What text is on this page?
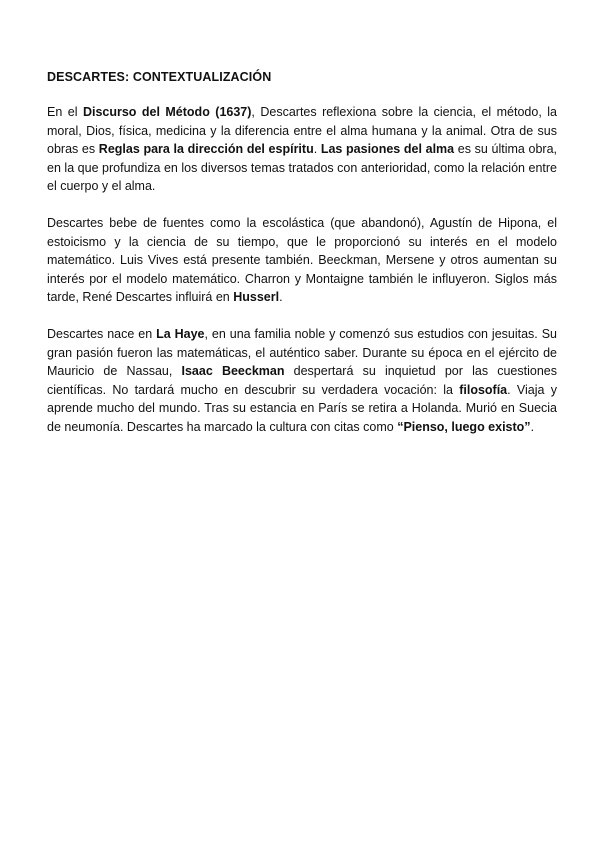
DESCARTES: CONTEXTUALIZACIÓN

En el Discurso del Método (1637), Descartes reflexiona sobre la ciencia, el método, la moral, Dios, física, medicina y la diferencia entre el alma humana y la animal. Otra de sus obras es Reglas para la dirección del espíritu. Las pasiones del alma es su última obra, en la que profundiza en los diversos temas tratados con anterioridad, como la relación entre el cuerpo y el alma.

Descartes bebe de fuentes como la escolástica (que abandonó), Agustín de Hipona, el estoicismo y la ciencia de su tiempo, que le proporcionó su interés en el modelo matemático. Luis Vives está presente también. Beeckman, Mersene y otros aumentan su interés por el modelo matemático. Charron y Montaigne también le influyeron. Siglos más tarde, René Descartes influirá en Husserl.

Descartes nace en La Haye, en una familia noble y comenzó sus estudios con jesuitas. Su gran pasión fueron las matemáticas, el auténtico saber. Durante su época en el ejército de Mauricio de Nassau, Isaac Beeckman despertará su inquietud por las cuestiones científicas. No tardará mucho en descubrir su verdadera vocación: la filosofía. Viaja y aprende mucho del mundo. Tras su estancia en París se retira a Holanda. Murió en Suecia de neumonía. Descartes ha marcado la cultura con citas como “Pienso, luego existo”.
